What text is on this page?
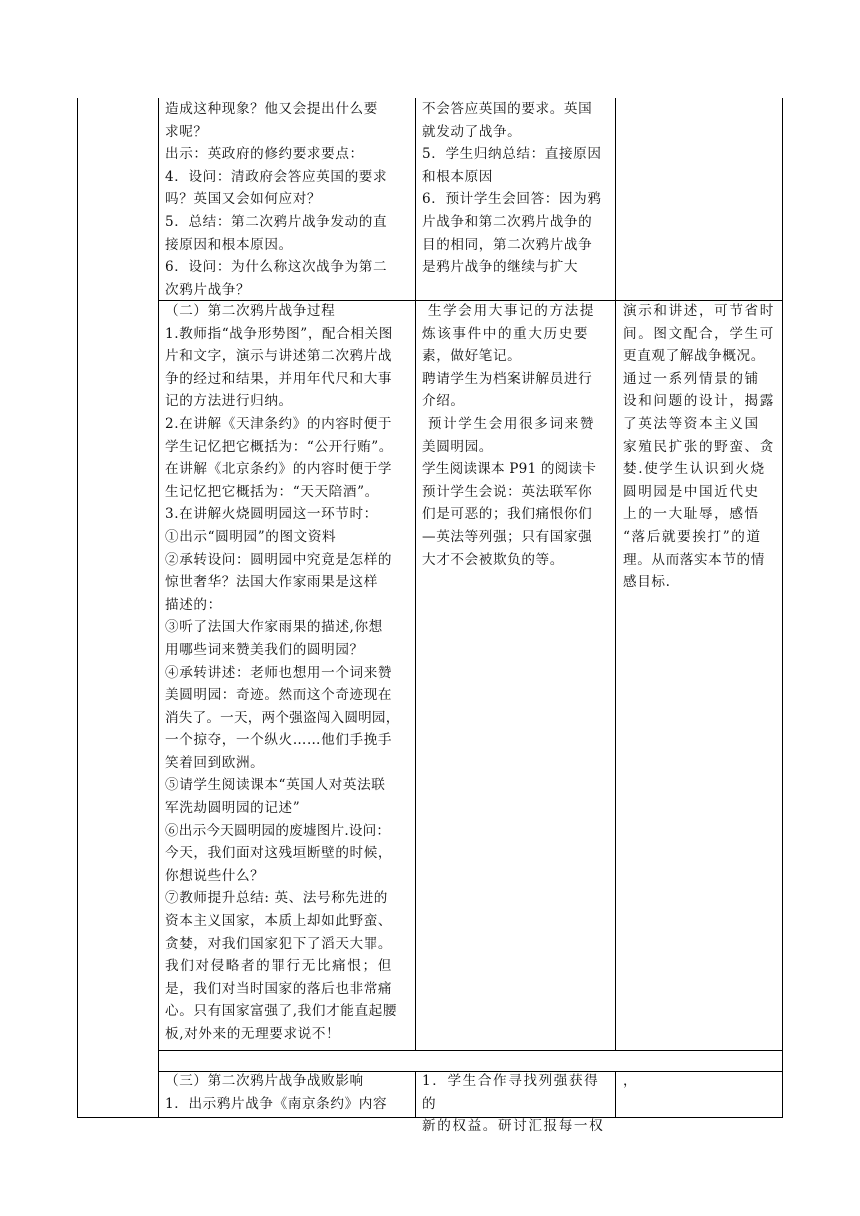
造成这种现象？他又会提出什么要

求呢？

出示：英政府的修约要求要点：

4．设问：清政府会答应英国的要求

吗？英国又会如何应对？

5．总结：第二次鸦片战争发动的直

接原因和根本原因。

6．设问：为什么称这次战争为第二

次鸦片战争？

不会答应英国的要求。英国

就发动了战争。

5．学生归纳总结：直接原因

和根本原因

6．预计学生会回答：因为鸦

片战争和第二次鸦片战争的

目的相同，第二次鸦片战争

是鸦片战争的继续与扩大

（二）第二次鸦片战争过程

1.教师指“战争形势图”，配合相关图

片和文字，演示与讲述第二次鸦片战

争的经过和结果，并用年代尺和大事

记的方法进行归纳。

2.在讲解《天津条约》的内容时便于

学生记忆把它概括为：“公开行贿”。

在讲解《北京条约》的内容时便于学

生记忆把它概括为：“天天陪酒”。

3.在讲解火烧圆明园这一环节时：

①出示“圆明园”的图文资料

②承转设问：圆明园中究竟是怎样的

惊世奢华？法国大作家雨果是这样

描述的：

③听了法国大作家雨果的描述,你想

用哪些词来赞美我们的圆明园？

④承转讲述：老师也想用一个词来赞

美圆明园：奇迹。然而这个奇迹现在

消失了。一天，两个强盗闯入圆明园，

一个掠夺，一个纵火……他们手挽手

笑着回到欧洲。

⑤请学生阅读课本“英国人对英法联

军洗劫圆明园的记述”

⑥出示今天圆明园的废墟图片.设问：

今天，我们面对这残垣断壁的时候，

你想说些什么？

⑦教师提升总结: 英、法号称先进的

资本主义国家，本质上却如此野蛮、

贪婪，对我们国家犯下了滔天大罪。

我们对侵略者的罪行无比痛恨；但

是，我们对当时国家的落后也非常痛

心。只有国家富强了,我们才能直起腰

板,对外来的无理要求说不！

生学会用大事记的方法提

炼该事件中的重大历史要

素，做好笔记。

聘请学生为档案讲解员进行

介绍。

预计学生会用很多词来赞

美圆明园。

学生阅读课本 P91 的阅读卡

预计学生会说：英法联军你

们是可恶的；我们痛恨你们

—英法等列强；只有国家强

大才不会被欺负的等。

演示和讲述，可节省时

间。图文配合，学生可

更直观了解战争概况。

通过一系列情景的铺

设和问题的设计，揭露

了英法等资本主义国

家殖民扩张的野蛮、贪

婪.使学生认识到火烧

圆明园是中国近代史

上的一大耻辱，感悟

“落后就要挨打”的道

理。从而落实本节的情

感目标.

（三）第二次鸦片战争战败影响

1．出示鸦片战争《南京条约》内容

1．学生合作寻找列强获得的

新的权益。研讨汇报每一权

，
